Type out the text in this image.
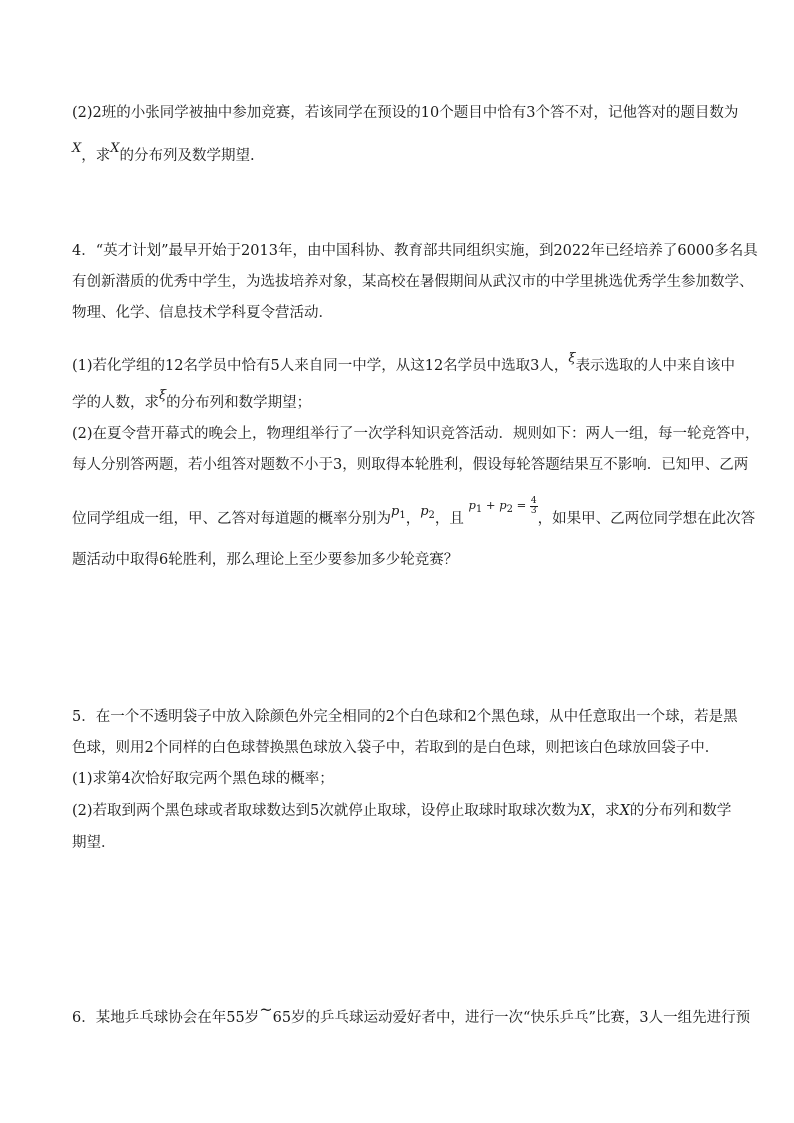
(2)2班的小张同学被抽中参加竞赛，若该同学在预设的10个题目中恰有3个答不对，记他答对的题目数为
X，求X的分布列及数学期望.
4．“英才计划”最早开始于2013年，由中国科协、教育部共同组织实施，到2022年已经培养了6000多名具
有创新潜质的优秀中学生，为选拔培养对象，某高校在暑假期间从武汉市的中学里挑选优秀学生参加数学、
物理、化学、信息技术学科夏令营活动．
(1)若化学组的12名学员中恰有5人来自同一中学，从这12名学员中选取3人，ξ表示选取的人中来自该中
学的人数，求ξ的分布列和数学期望；
(2)在夏令营开幕式的晚会上，物理组举行了一次学科知识竞答活动．规则如下：两人一组，每一轮竞答中，
每人分别答两题，若小组答对题数不小于3，则取得本轮胜利，假设每轮答题结果互不影响．已知甲、乙两
位同学组成一组，甲、乙答对每道题的概率分别为$p_1$，$p_2$，且 $^{p1 + p2 = \frac{4}{3}}$
，如果甲、乙两位同学想在此次答
题活动中取得6轮胜利，那么理论上至少要参加多少轮竞赛？
5．在一个不透明袋子中放入除颜色外完全相同的2个白色球和2个黑色球，从中任意取出一个球，若是黑
色球，则用2个同样的白色球替换黑色球放入袋子中，若取到的是白色球，则把该白色球放回袋子中．
(1)求第4次恰好取完两个黑色球的概率；
(2)若取到两个黑色球或者取球数达到5次就停止取球，设停止取球时取球次数为X，求X的分布列和数学
期望．
6．某地乒乓球协会在年55岁~65岁的乒乓球运动爱好者中，进行一次“快乐乒乓”比赛，3人一组先进行预
